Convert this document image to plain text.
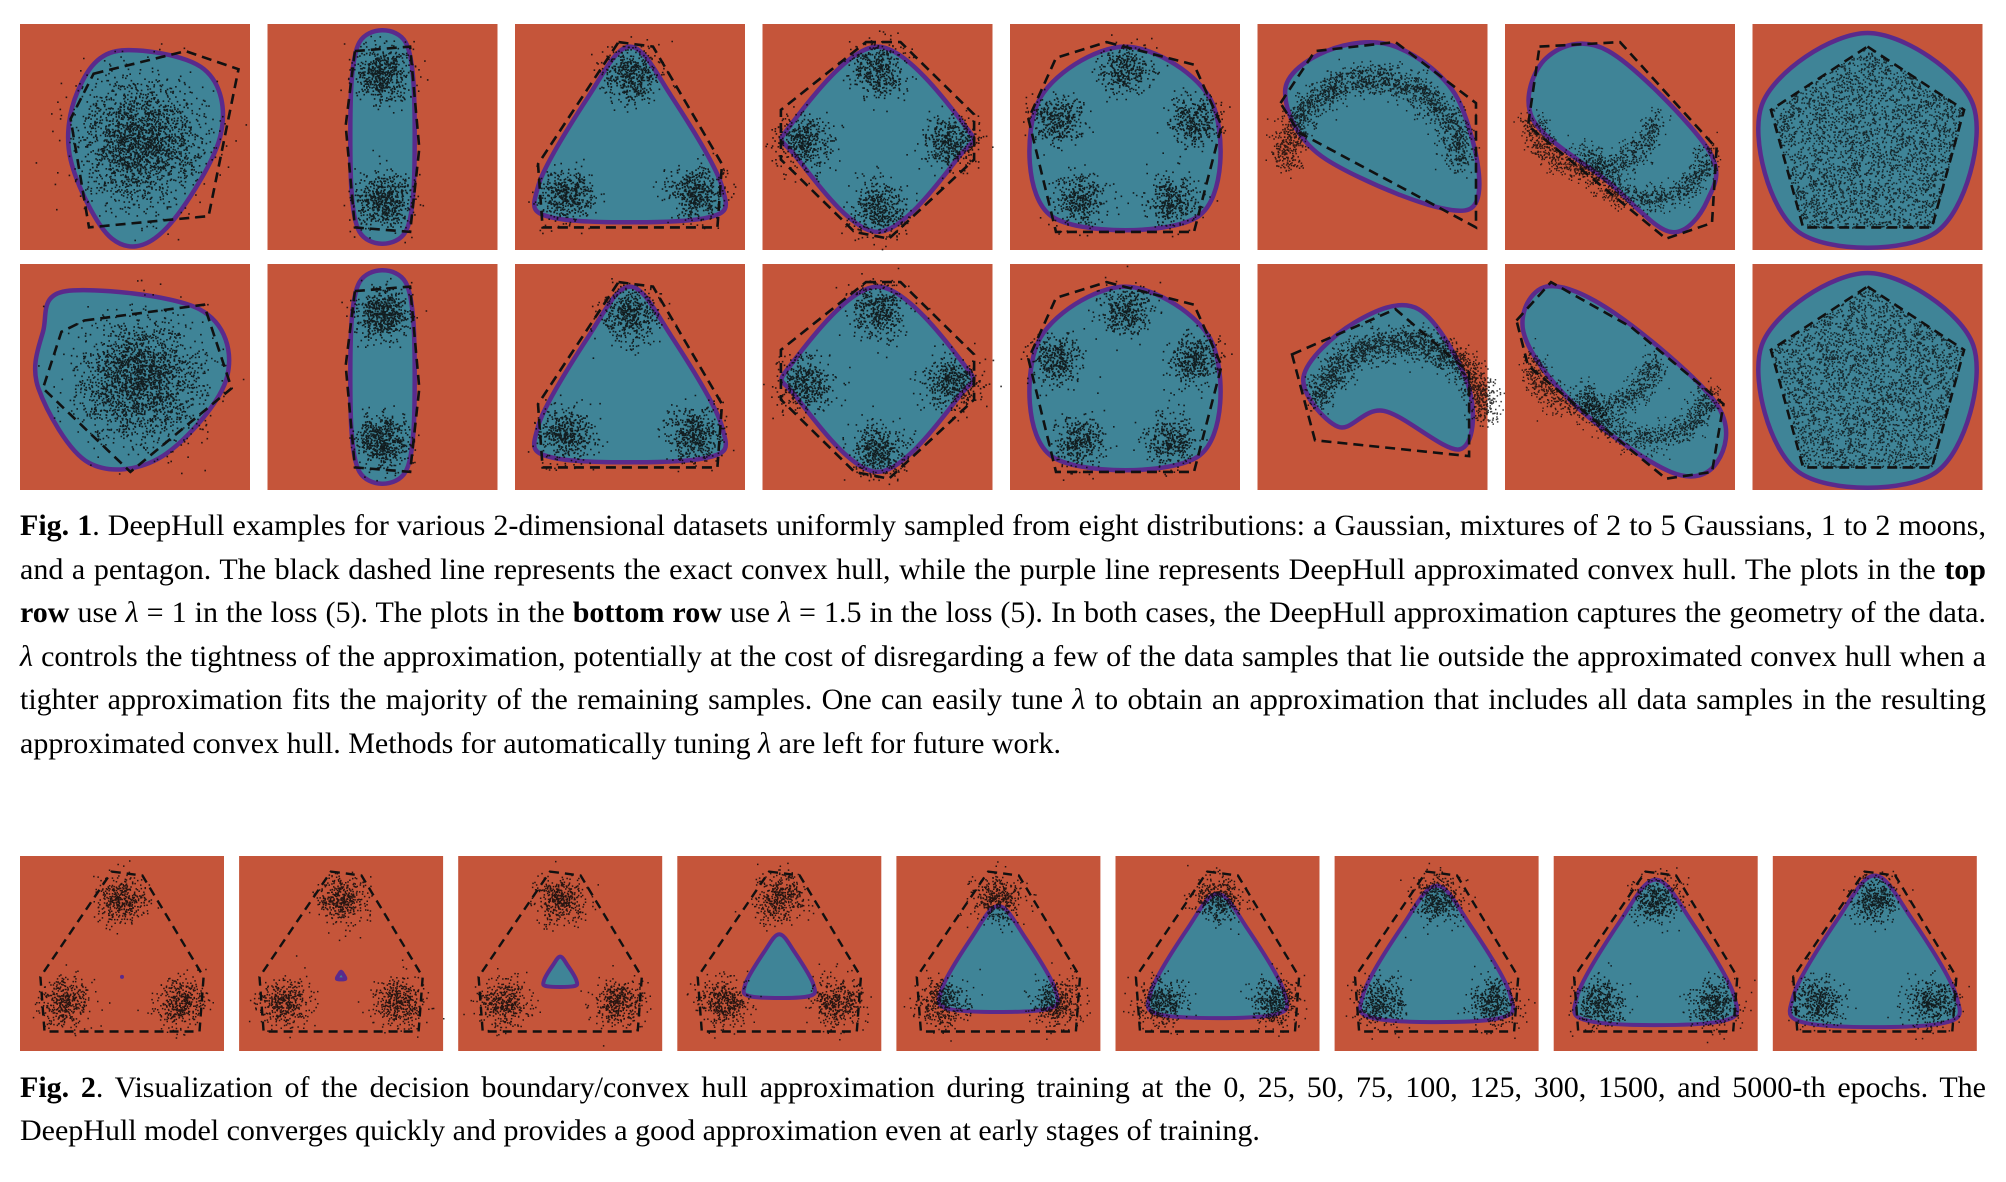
Fig. 1. DeepHull examples for various 2-dimensional datasets uniformly sampled from eight distributions: a Gaussian, mixtures of 2 to 5 Gaussians, 1 to 2 moons, and a pentagon. The black dashed line represents the exact convex hull, while the purple line represents DeepHull approximated convex hull. The plots in the top row use λ = 1 in the loss (5). The plots in the bottom row use λ = 1.5 in the loss (5). In both cases, the DeepHull approximation captures the geometry of the data. λ controls the tightness of the approximation, potentially at the cost of disregarding a few of the data samples that lie outside the approximated convex hull when a tighter approximation fits the majority of the remaining samples. One can easily tune λ to obtain an approximation that includes all data samples in the resulting approximated convex hull. Methods for automatically tuning λ are left for future work.

Fig. 2. Visualization of the decision boundary/convex hull approximation during training at the 0, 25, 50, 75, 100, 125, 300, 1500, and 5000-th epochs. The DeepHull model converges quickly and provides a good approximation even at early stages of training.
